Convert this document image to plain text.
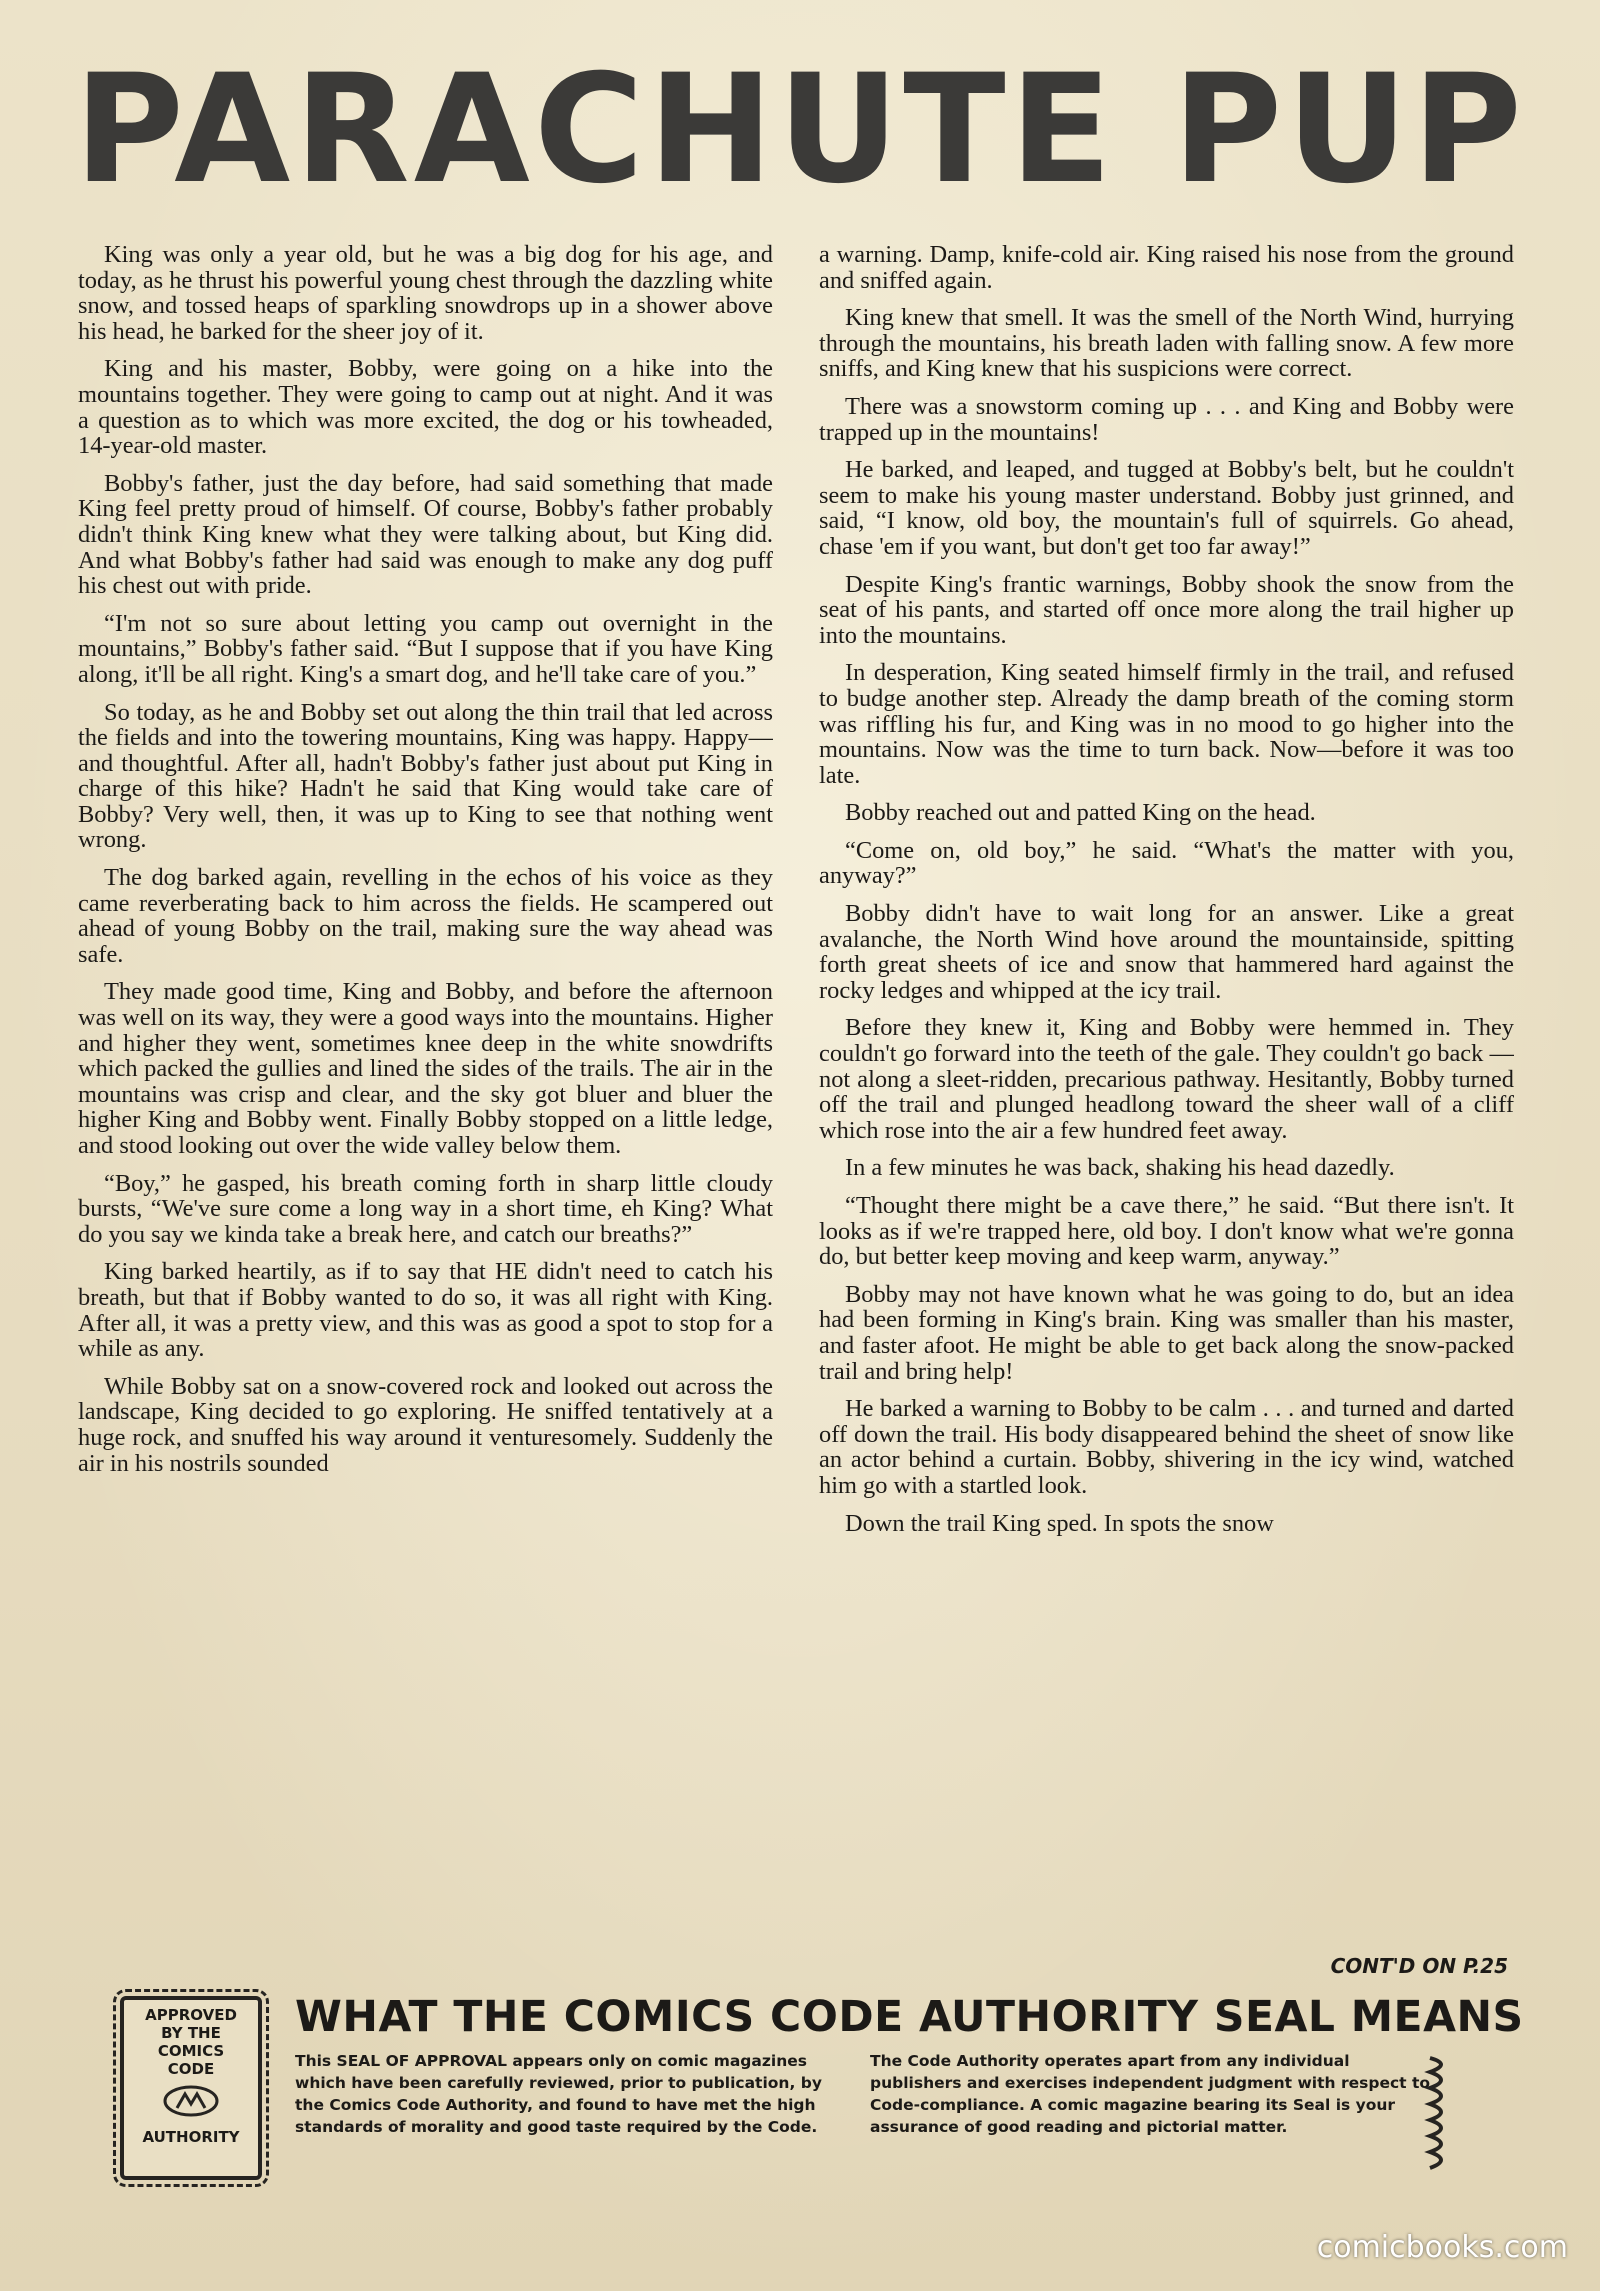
PARACHUTE PUP

King was only a year old, but he was a big dog for his age, and today, as he thrust his powerful young chest through the dazzling white snow, and tossed heaps of sparkling snowdrops up in a shower above his head, he barked for the sheer joy of it.

King and his master, Bobby, were going on a hike into the mountains together. They were going to camp out at night. And it was a question as to which was more excited, the dog or his towheaded, 14-year-old master.

Bobby's father, just the day before, had said something that made King feel pretty proud of himself. Of course, Bobby's father probably didn't think King knew what they were talking about, but King did. And what Bobby's father had said was enough to make any dog puff his chest out with pride.

“I'm not so sure about letting you camp out overnight in the mountains,” Bobby's father said. “But I suppose that if you have King along, it'll be all right. King's a smart dog, and he'll take care of you.”

So today, as he and Bobby set out along the thin trail that led across the fields and into the towering mountains, King was happy. Happy—and thoughtful. After all, hadn't Bobby's father just about put King in charge of this hike? Hadn't he said that King would take care of Bobby? Very well, then, it was up to King to see that nothing went wrong.

The dog barked again, revelling in the echos of his voice as they came reverberating back to him across the fields. He scampered out ahead of young Bobby on the trail, making sure the way ahead was safe.

They made good time, King and Bobby, and before the afternoon was well on its way, they were a good ways into the mountains. Higher and higher they went, sometimes knee deep in the white snowdrifts which packed the gullies and lined the sides of the trails. The air in the mountains was crisp and clear, and the sky got bluer and bluer the higher King and Bobby went. Finally Bobby stopped on a little ledge, and stood looking out over the wide valley below them.

“Boy,” he gasped, his breath coming forth in sharp little cloudy bursts, “We've sure come a long way in a short time, eh King? What do you say we kinda take a break here, and catch our breaths?”

King barked heartily, as if to say that HE didn't need to catch his breath, but that if Bobby wanted to do so, it was all right with King. After all, it was a pretty view, and this was as good a spot to stop for a while as any.

While Bobby sat on a snow-covered rock and looked out across the landscape, King decided to go exploring. He sniffed tentatively at a huge rock, and snuffed his way around it venturesomely. Suddenly the air in his nostrils sounded

a warning. Damp, knife-cold air. King raised his nose from the ground and sniffed again.

King knew that smell. It was the smell of the North Wind, hurrying through the mountains, his breath laden with falling snow. A few more sniffs, and King knew that his suspicions were correct.

There was a snowstorm coming up . . . and King and Bobby were trapped up in the mountains!

He barked, and leaped, and tugged at Bobby's belt, but he couldn't seem to make his young master understand. Bobby just grinned, and said, “I know, old boy, the mountain's full of squirrels. Go ahead, chase 'em if you want, but don't get too far away!”

Despite King's frantic warnings, Bobby shook the snow from the seat of his pants, and started off once more along the trail higher up into the mountains.

In desperation, King seated himself firmly in the trail, and refused to budge another step. Already the damp breath of the coming storm was riffling his fur, and King was in no mood to go higher into the mountains. Now was the time to turn back. Now—before it was too late.

Bobby reached out and patted King on the head.

“Come on, old boy,” he said. “What's the matter with you, anyway?”

Bobby didn't have to wait long for an answer. Like a great avalanche, the North Wind hove around the mountainside, spitting forth great sheets of ice and snow that hammered hard against the rocky ledges and whipped at the icy trail.

Before they knew it, King and Bobby were hemmed in. They couldn't go forward into the teeth of the gale. They couldn't go back — not along a sleet-ridden, precarious pathway. Hesitantly, Bobby turned off the trail and plunged headlong toward the sheer wall of a cliff which rose into the air a few hundred feet away.

In a few minutes he was back, shaking his head dazedly.

“Thought there might be a cave there,” he said. “But there isn't. It looks as if we're trapped here, old boy. I don't know what we're gonna do, but better keep moving and keep warm, anyway.”

Bobby may not have known what he was going to do, but an idea had been forming in King's brain. King was smaller than his master, and faster afoot. He might be able to get back along the snow-packed trail and bring help!

He barked a warning to Bobby to be calm . . . and turned and darted off down the trail. His body disappeared behind the sheet of snow like an actor behind a curtain. Bobby, shivering in the icy wind, watched him go with a startled look.

Down the trail King sped. In spots the snow

CONT'D ON P.25
APPROVED
BY THE
COMICS
CODE
AUTHORITY
WHAT THE COMICS CODE AUTHORITY SEAL MEANS
This SEAL OF APPROVAL appears only on comic magazines which have been carefully reviewed, prior to publication, by the Comics Code Authority, and found to have met the high standards of morality and good taste required by the Code.
The Code Authority operates apart from any individual publishers and exercises independent judgment with respect to Code-compliance. A comic magazine bearing its Seal is your assurance of good reading and pictorial matter.
comicbooks.com
